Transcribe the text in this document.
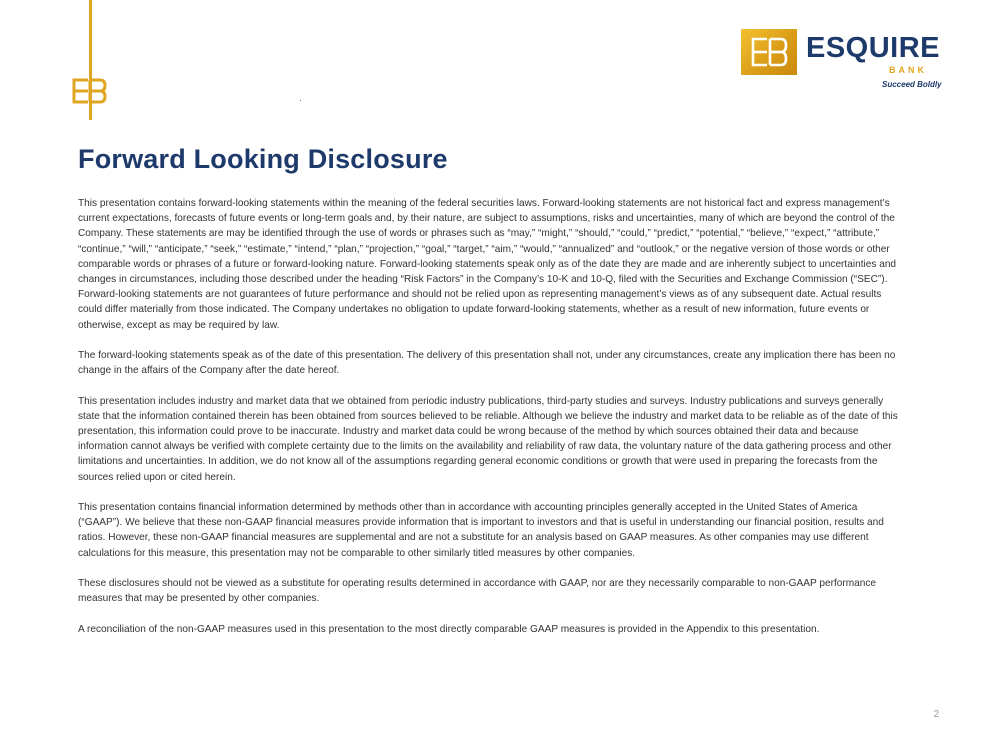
ESQUIRE
BANK
Succeed Boldly
Forward Looking Disclosure

This presentation contains forward-looking statements within the meaning of the federal securities laws. Forward-looking statements are not historical fact and express management’s current expectations, forecasts of future events or long-term goals and, by their nature, are subject to assumptions, risks and uncertainties, many of which are beyond the control of the Company. These statements are may be identified through the use of words or phrases such as “may,” “might,” “should,” “could,” “predict,” “potential,” “believe,” “expect,” “attribute,” “continue,” “will,” “anticipate,” “seek,” “estimate,” “intend,” “plan,” “projection,” “goal,” “target,” “aim,” “would,” “annualized” and “outlook,” or the negative version of those words or other comparable words or phrases of a future or forward-looking nature. Forward-looking statements speak only as of the date they are made and are inherently subject to uncertainties and changes in circumstances, including those described under the heading “Risk Factors” in the Company’s 10-K and 10-Q, filed with the Securities and Exchange Commission (“SEC”). Forward-looking statements are not guarantees of future performance and should not be relied upon as representing management’s views as of any subsequent date. Actual results could differ materially from those indicated. The Company undertakes no obligation to update forward-looking statements, whether as a result of new information, future events or otherwise, except as may be required by law.

The forward-looking statements speak as of the date of this presentation. The delivery of this presentation shall not, under any circumstances, create any implication there has been no change in the affairs of the Company after the date hereof.

This presentation includes industry and market data that we obtained from periodic industry publications, third-party studies and surveys. Industry publications and surveys generally state that the information contained therein has been obtained from sources believed to be reliable. Although we believe the industry and market data to be reliable as of the date of this presentation, this information could prove to be inaccurate. Industry and market data could be wrong because of the method by which sources obtained their data and because information cannot always be verified with complete certainty due to the limits on the availability and reliability of raw data, the voluntary nature of the data gathering process and other limitations and uncertainties. In addition, we do not know all of the assumptions regarding general economic conditions or growth that were used in preparing the forecasts from the sources relied upon or cited herein.

This presentation contains financial information determined by methods other than in accordance with accounting principles generally accepted in the United States of America (“GAAP”). We believe that these non-GAAP financial measures provide information that is important to investors and that is useful in understanding our financial position, results and ratios. However, these non-GAAP financial measures are supplemental and are not a substitute for an analysis based on GAAP measures. As other companies may use different calculations for this measure, this presentation may not be comparable to other similarly titled measures by other companies.

These disclosures should not be viewed as a substitute for operating results determined in accordance with GAAP, nor are they necessarily comparable to non-GAAP performance measures that may be presented by other companies.

A reconciliation of the non-GAAP measures used in this presentation to the most directly comparable GAAP measures is provided in the Appendix to this presentation.

2
